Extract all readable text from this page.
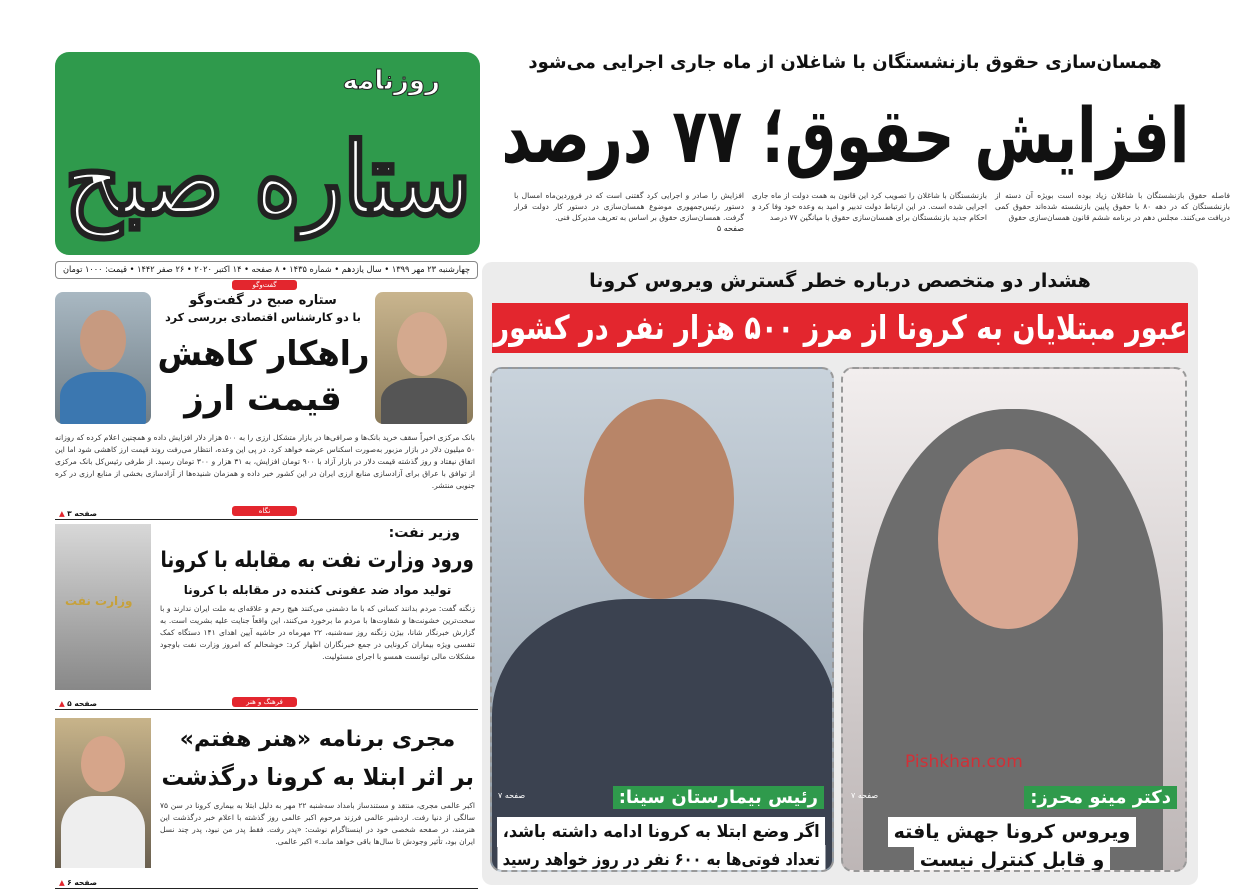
روزنامه
ستاره صبح
همسان‌سازی حقوق بازنشستگان با شاغلان از ماه جاری اجرایی می‌شود
افزایش حقوق؛ ۷۷ درصد
فاصله حقوق بازنشستگان با شاغلان زیاد بوده است بویژه آن دسته از بازنشستگان که در دهه ۸۰ با حقوق پایین بازنشسته شده‌اند حقوق کمی دریافت می‌کنند. مجلس دهم در برنامه ششم قانون همسان‌سازی حقوق
بازنشستگان با شاغلان را تصویب کرد این قانون به همت دولت از ماه جاری اجرایی شده است. در این ارتباط دولت تدبیر و امید به وعده خود وفا کرد و احکام جدید بازنشستگان برای همسان‌سازی حقوق با میانگین ۷۷ درصد
افزایش را صادر و اجرایی کرد گفتنی است که در فروردین‌ماه امسال با دستور رئیس‌جمهوری موضوع همسان‌سازی در دستور کار دولت قرار گرفت. همسان‌سازی حقوق بر اساس به تعریف مدیرکل فنی.
صفحه ۵
چهارشنبه ۲۳ مهر ۱۳۹۹ • سال یازدهم • شماره ۱۴۳۵ • ۸ صفحه • ۱۴ اکتبر ۲۰۲۰ • ۲۶ صفر ۱۴۴۲ • قیمت: ۱۰۰۰ تومان
گفت‌وگو
ستاره صبح در گفت‌وگو
با دو کارشناس اقتصادی بررسی کرد
راهکار کاهش
قیمت ارز
بانک مرکزی اخیراً سقف خرید بانک‌ها و صرافی‌ها در بازار متشکل ارزی را به ۵۰۰ هزار دلار افزایش داده و همچنین اعلام کرده که روزانه ۵۰ میلیون دلار در بازار مزبور به‌صورت اسکناس عرضه خواهد کرد. در پی این وعده، انتظار می‌رفت روند قیمت ارز کاهشی شود اما این اتفاق نیفتاد و روز گذشته قیمت دلار در بازار آزاد با ۹۰۰ تومان افزایش، به ۳۱ هزار و ۳۰۰ تومان رسید. از طرفی رئیس‌کل بانک مرکزی از توافق با عراق برای آزادسازی منابع ارزی ایران در این کشور خبر داده و همزمان شنیده‌ها از آزادسازی بخشی از منابع ارزی در کره جنوبی منتشر.
▲ صفحه ۳	نگاه
وزارت نفت
وزیر نفت:
ورود وزارت نفت به مقابله با کرونا
تولید مواد ضد عفونی کننده در مقابله با کرونا
زنگنه گفت: مردم بدانند کسانی که با ما دشمنی می‌کنند هیچ رحم و علاقه‌ای به ملت ایران ندارند و با سخت‌ترین خشونت‌ها و شقاوت‌ها با مردم ما برخورد می‌کنند، این واقعاً جنایت علیه بشریت است. به گزارش خبرنگار شانا، بیژن زنگنه روز سه‌شنبه، ۲۲ مهرماه در حاشیه آیین اهدای ۱۴۱ دستگاه کمک تنفسی ویژه بیماران کرونایی در جمع خبرنگاران اظهار کرد: خوشحالم که امروز وزارت نفت باوجود مشکلات مالی توانست همسو با اجرای مسئولیت.
▲ صفحه ۵	فرهنگ و هنر
مجری برنامه «هنر هفتم»
بر اثر ابتلا به کرونا درگذشت
اکبر عالمی مجری، منتقد و مستندساز بامداد سه‌شنبه ۲۲ مهر به دلیل ابتلا به بیماری کرونا در سن ۷۵ سالگی از دنیا رفت. اردشیر عالمی فرزند مرحوم اکبر عالمی روز گذشته با اعلام خبر درگذشت این هنرمند، در صفحه شخصی خود در اینستاگرام نوشت: «پدر رفت. فقط پدر من نبود، پدر چند نسل ایران بود، تأثیر وجودش تا سال‌ها باقی خواهد ماند.» اکبر عالمی.
▲ صفحه ۶
هشدار دو متخصص درباره خطر گسترش ویروس کرونا
عبور مبتلایان به کرونا از مرز ۵۰۰ هزار نفر در کشور
رئیس بیمارستان سینا:
صفحه ۷
اگر وضع ابتلا به کرونا ادامه داشته باشد،
تعداد فوتی‌ها به ۶۰۰ نفر در روز خواهد رسید
دکتر مینو محرز:
صفحه ۷
ویروس کرونا جهش یافته
و قابل کنترل نیست
Pishkhan.com
